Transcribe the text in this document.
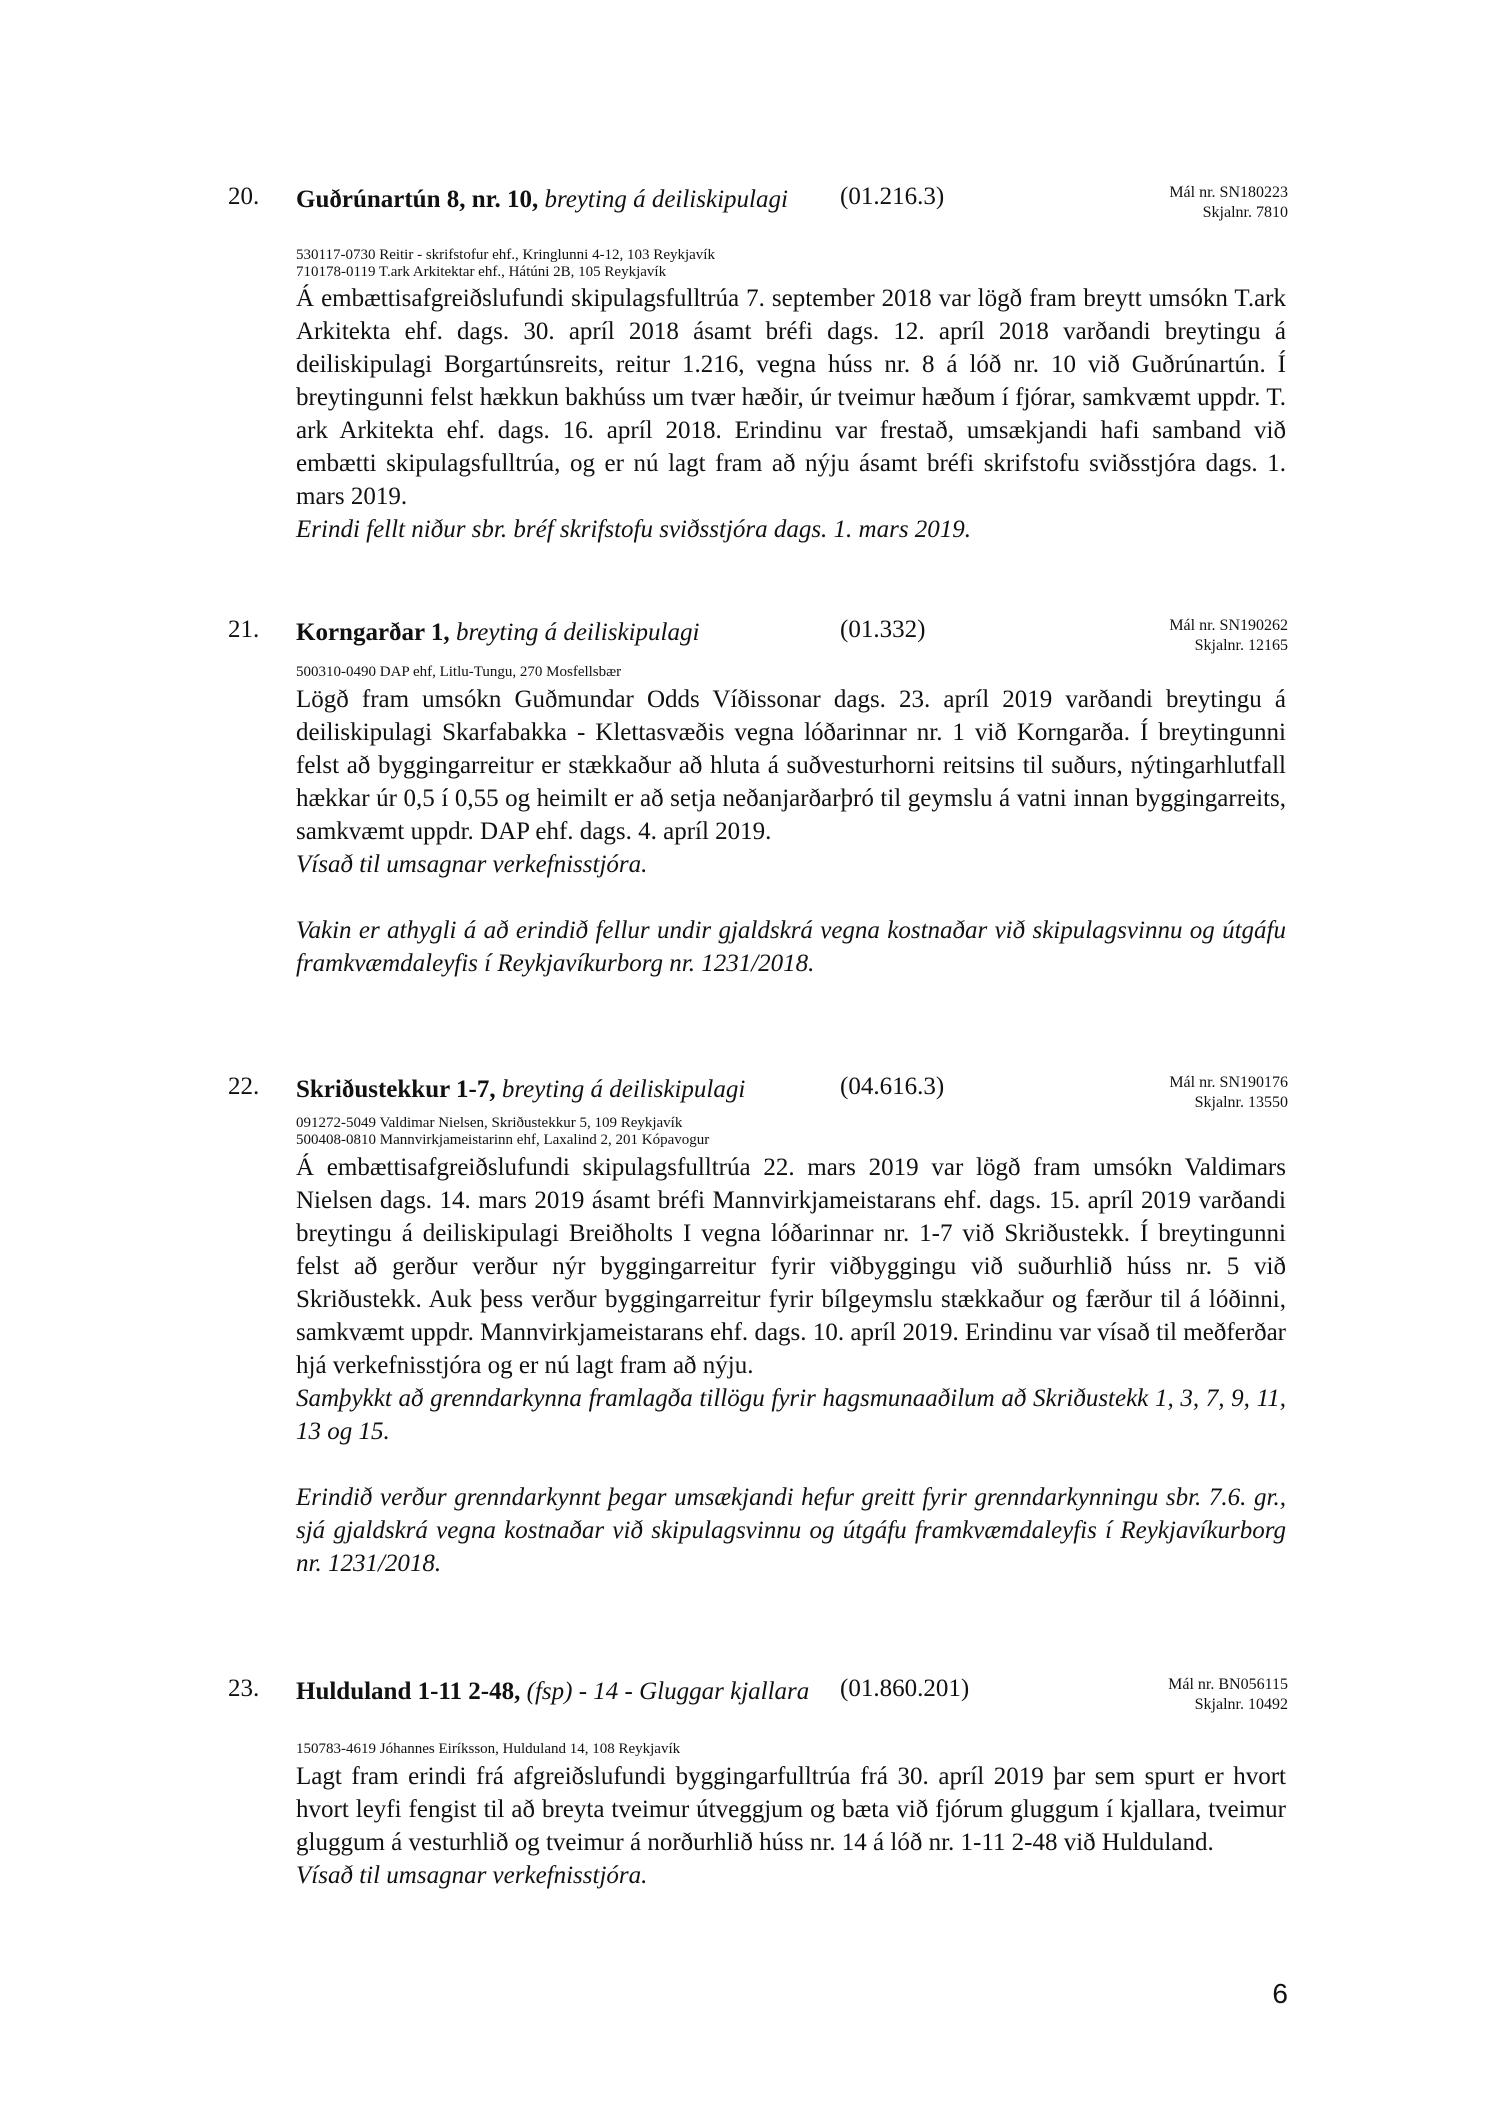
20. Guðrúnartún 8, nr. 10, breyting á deiliskipulagi	(01.216.3)	Mál nr. SN180223
Skjalnr. 7810
530117-0730 Reitir - skrifstofur ehf., Kringlunni 4-12, 103 Reykjavík
710178-0119 T.ark Arkitektar ehf., Hátúni 2B, 105 Reykjavík

Á embættisafgreiðslufundi skipulagsfulltrúa 7. september 2018 var lögð fram breytt umsókn T.ark Arkitekta ehf. dags. 30. apríl 2018 ásamt bréfi dags. 12. apríl 2018 varðandi breytingu á deiliskipulagi Borgartúnsreits, reitur 1.216, vegna húss nr. 8 á lóð nr. 10 við Guðrúnartún. Í breytingunni felst hækkun bakhúss um tvær hæðir, úr tveimur hæðum í fjórar, samkvæmt uppdr. T. ark Arkitekta ehf. dags. 16. apríl 2018. Erindinu var frestað, umsækjandi hafi samband við embætti skipulagsfulltrúa, og er nú lagt fram að nýju ásamt bréfi skrifstofu sviðsstjóra dags. 1. mars 2019.

Erindi fellt niður sbr. bréf skrifstofu sviðsstjóra dags. 1. mars 2019.

21. Korngarðar 1, breyting á deiliskipulagi	(01.332)	Mál nr. SN190262
Skjalnr. 12165
500310-0490 DAP ehf, Litlu-Tungu, 270 Mosfellsbær

Lögð fram umsókn Guðmundar Odds Víðissonar dags. 23. apríl 2019 varðandi breytingu á deiliskipulagi Skarfabakka - Klettasvæðis vegna lóðarinnar nr. 1 við Korngarða. Í breytingunni felst að byggingarreitur er stækkaður að hluta á suðvesturhorni reitsins til suðurs, nýtingarhlutfall hækkar úr 0,5 í 0,55 og heimilt er að setja neðanjarðarþró til geymslu á vatni innan byggingarreits, samkvæmt uppdr. DAP ehf. dags. 4. apríl 2019.

Vísað til umsagnar verkefnisstjóra.

Vakin er athygli á að erindið fellur undir gjaldskrá vegna kostnaðar við skipulagsvinnu og útgáfu framkvæmdaleyfis í Reykjavíkurborg nr. 1231/2018.

22. Skriðustekkur 1-7, breyting á deiliskipulagi	(04.616.3)	Mál nr. SN190176
Skjalnr. 13550
091272-5049 Valdimar Nielsen, Skriðustekkur 5, 109 Reykjavík
500408-0810 Mannvirkjameistarinn ehf, Laxalind 2, 201 Kópavogur

Á embættisafgreiðslufundi skipulagsfulltrúa 22. mars 2019 var lögð fram umsókn Valdimars Nielsen dags. 14. mars 2019 ásamt bréfi Mannvirkjameistarans ehf. dags. 15. apríl 2019 varðandi breytingu á deiliskipulagi Breiðholts I vegna lóðarinnar nr. 1-7 við Skriðustekk. Í breytingunni felst að gerður verður nýr byggingarreitur fyrir viðbyggingu við suðurhlið húss nr. 5 við Skriðustekk. Auk þess verður byggingarreitur fyrir bílgeymslu stækkaður og færður til á lóðinni, samkvæmt uppdr. Mannvirkjameistarans ehf. dags. 10. apríl 2019. Erindinu var vísað til meðferðar hjá verkefnisstjóra og er nú lagt fram að nýju.

Samþykkt að grenndarkynna framlagða tillögu fyrir hagsmunaaðilum að Skriðustekk 1, 3, 7, 9, 11, 13 og 15.

Erindið verður grenndarkynnt þegar umsækjandi hefur greitt fyrir grenndarkynningu sbr. 7.6. gr., sjá gjaldskrá vegna kostnaðar við skipulagsvinnu og útgáfu framkvæmdaleyfis í Reykjavíkurborg nr. 1231/2018.

23. Hulduland 1-11 2-48, (fsp) - 14 - Gluggar kjallara	(01.860.201)	Mál nr. BN056115
Skjalnr. 10492
150783-4619 Jóhannes Eiríksson, Hulduland 14, 108 Reykjavík

Lagt fram erindi frá afgreiðslufundi byggingarfulltrúa frá 30. apríl 2019 þar sem spurt er hvort hvort leyfi fengist til að breyta tveimur útveggjum og bæta við fjórum gluggum í kjallara, tveimur gluggum á vesturhlið og tveimur á norðurhlið húss nr. 14 á lóð nr. 1-11 2-48 við Hulduland.

Vísað til umsagnar verkefnisstjóra.

6
